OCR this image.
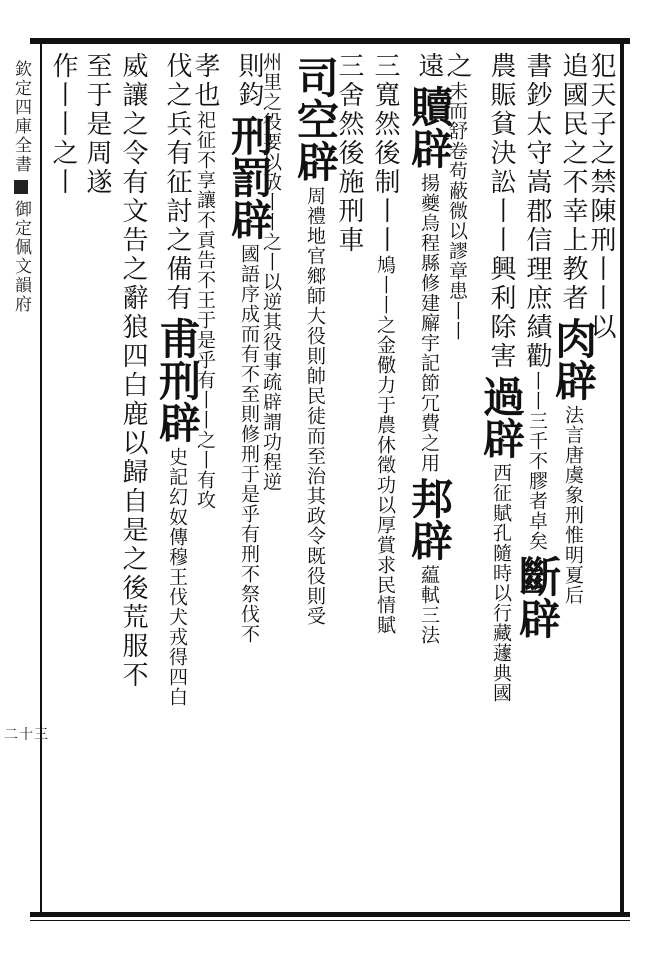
欽定四庫全書御定佩文韻府
二十三
犯天子之禁陳刑丨丨以
追國民之不幸上教者肉辟法言唐虞象刑惟明夏后
書鈔太守嵩郡信理庶績勸丨丨三千不膠者卓矣斷辟
農賑貧決訟丨丨興利除害過辟西征賦孔隨時以行藏蘧典國
之未而舒卷苟蔽微以謬章患丨丨
遠贖辟揚夔烏程縣修建廨宇記節冗費之用邦辟藴軾三法
三寬然後制丨丨鳩丨丨之金儆力于農休徵功以厚賞求民情賦
三舍然後施刑車
司空辟周禮地官鄉師大役則帥民徒而至治其政令既役則受
州里之役要以攷丨丨之丨以逆其役事疏辟謂功程逆
則鈞刑罰辟國語序成而有不至則修刑于是乎有刑不祭伐不
孝也祀征不享讓不貢告不王于是乎有丨丨之丨有攻
伐之兵有征討之備有甫刑辟史記幻奴傳穆王伐犬戎得四白
威讓之令有文告之辭狼四白鹿以歸自是之後荒服不
至于是周遂
作丨丨之丨
